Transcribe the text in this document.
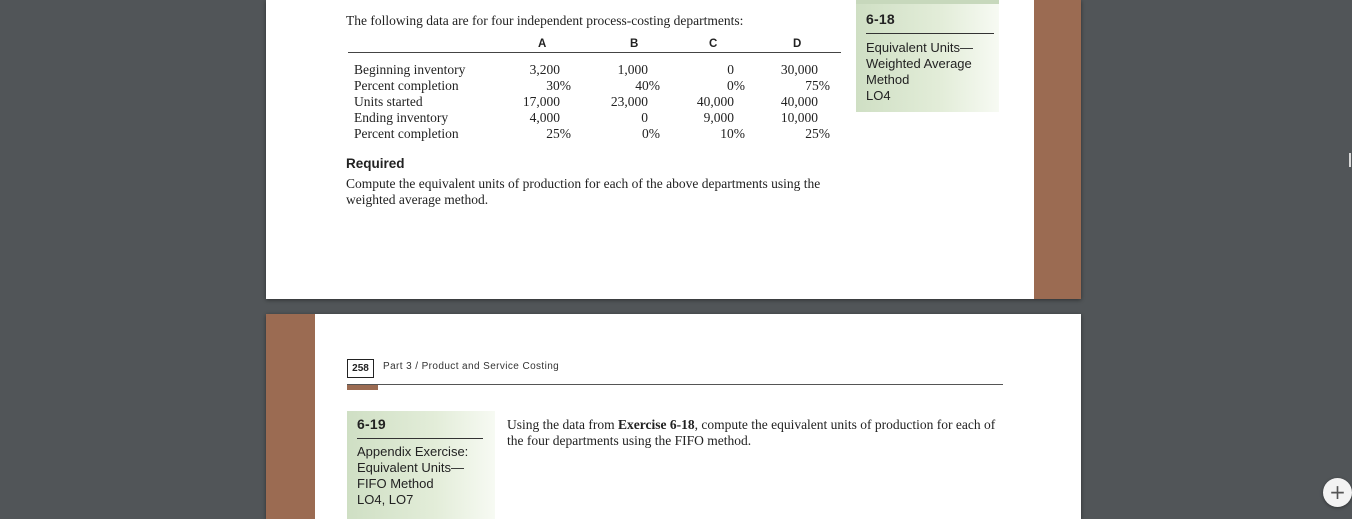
The following data are for four independent process-costing departments:
A	B	C	D
Beginning inventory	3,200	1,000	0	30,000
Percent completion	30%	40%	0%	75%
Units started	17,000	23,000	40,000	40,000
Ending inventory	4,000	0	9,000	10,000
Percent completion	25%	0%	10%	25%
Required
Compute the equivalent units of production for each of the above departments using the weighted average method.
6-18
Equivalent Units—
Weighted Average
Method
LO4
258	Part 3 / Product and Service Costing
6-19
Appendix Exercise:
Equivalent Units—
FIFO Method
LO4, LO7
Using the data from Exercise 6-18, compute the equivalent units of production for each of the four departments using the FIFO method.
+
